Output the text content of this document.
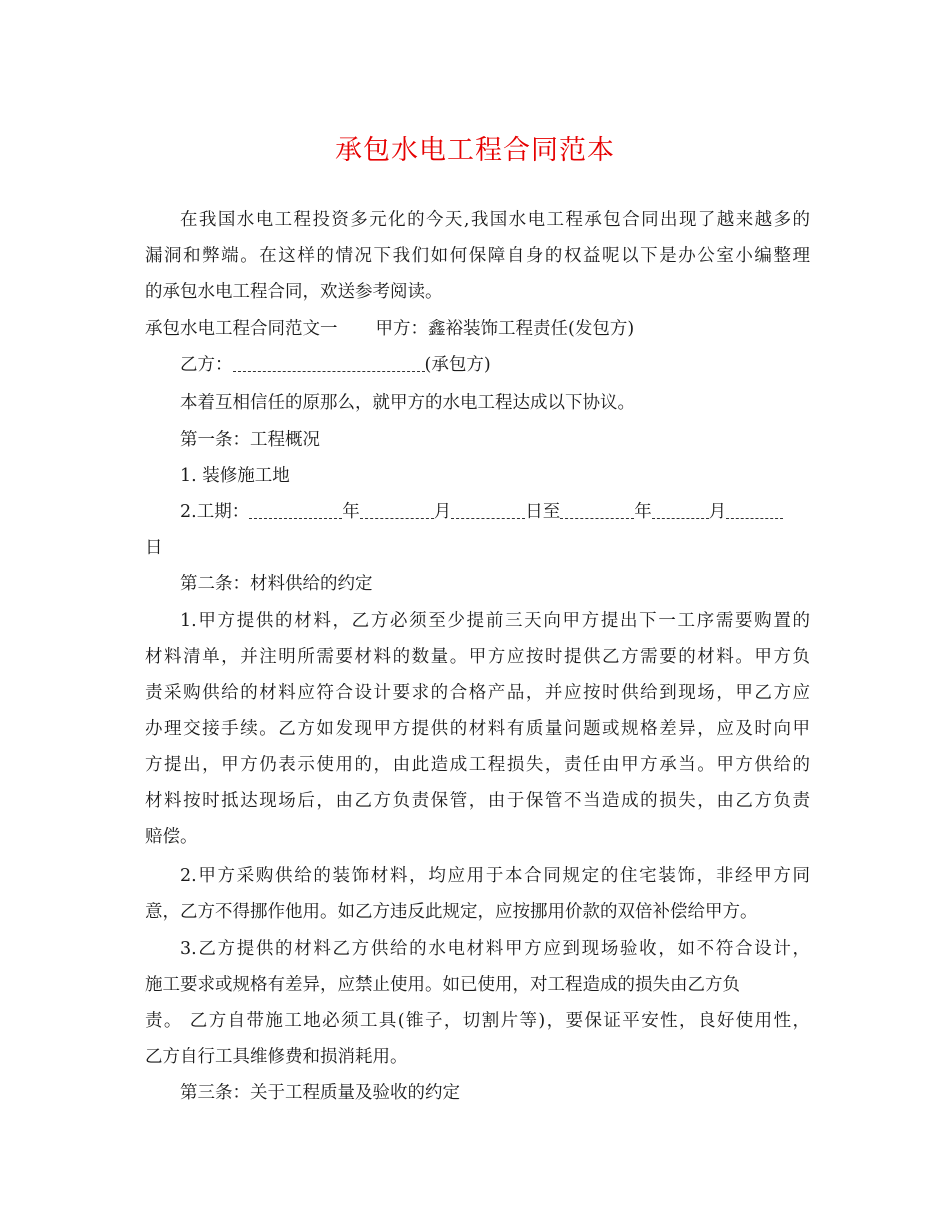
承包水电工程合同范本
在我国水电工程投资多元化的今天,我国水电工程承包合同出现了越来越多的
漏洞和弊端。在这样的情况下我们如何保障自身的权益呢以下是办公室小编整理
的承包水电工程合同，欢送参考阅读。
承包水电工程合同范文一 甲方：鑫裕装饰工程责任(发包方)
乙方：	(承包方)
本着互相信任的原那么，就甲方的水电工程达成以下协议。
第一条：工程概况
1. 装修施工地
2.工期：	年	月	日至	年	月
日
第二条：材料供给的约定
1.甲方提供的材料，乙方必须至少提前三天向甲方提出下一工序需要购置的
材料清单，并注明所需要材料的数量。甲方应按时提供乙方需要的材料。甲方负
责采购供给的材料应符合设计要求的合格产品，并应按时供给到现场，甲乙方应
办理交接手续。乙方如发现甲方提供的材料有质量问题或规格差异，应及时向甲
方提出，甲方仍表示使用的，由此造成工程损失，责任由甲方承当。甲方供给的
材料按时抵达现场后，由乙方负责保管，由于保管不当造成的损失，由乙方负责
赔偿。
2.甲方采购供给的装饰材料，均应用于本合同规定的住宅装饰，非经甲方同
意，乙方不得挪作他用。如乙方违反此规定，应按挪用价款的双倍补偿给甲方。
3.乙方提供的材料乙方供给的水电材料甲方应到现场验收，如不符合设计，
施工要求或规格有差异，应禁止使用。如已使用，对工程造成的损失由乙方负
责。 乙方自带施工地必须工具(锥子，切割片等)，要保证平安性，良好使用性，
乙方自行工具维修费和损消耗用。
第三条：关于工程质量及验收的约定
